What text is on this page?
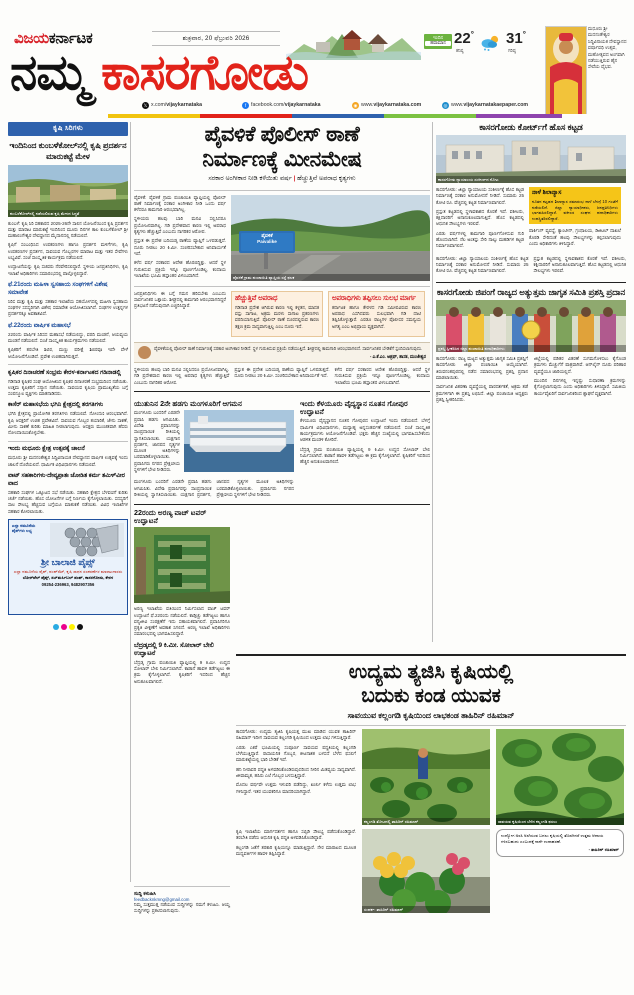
ವಿಜಯಕರ್ನಾಟಕ	ಶುಕ್ರವಾರ, 20 ಫೆಬ್ರುವರಿ 2026	ಇಂದಿನ
ಹವಾಮಾನ 22°
ಕನಿಷ್ಠ
31°
ಗರಿಷ್ಠ
ನಮ್ಮ ಕಾಸರಗೋಡು
ಮಧೂರು ಶ್ರೀ ಮದನಂತೇಶ್ವರ ಸಿದ್ಧಿವಿನಾಯಕ ದೇವಸ್ಥಾನದ ವರ್ಷಾವಧಿ ಉತ್ಸವ, ಮಹೋತ್ಸವದ ಅಂಗವಾಗಿ ನಡೆಯುತ್ತಿರುವ ಹೈನ ಸೇವೆಯ ವೈಭವ.
𝕏 x.com/vijaykarnataka	f facebook.com/vijaykarnataka	◉ www.vijaykarnataka.com	◎ www.vijaykarnatakaepaper.com
ಕೃಷಿ ಸಿರಿಗಳು
ಇಂದಿನಿಂದ ಕುಂಬಳೆಕೋಲ್‌ನಲ್ಲಿ ಕೃಷಿ ಪ್ರದರ್ಶನ ಮಾರುಕಟ್ಟೆ ಮೇಳ
ಕುಂಬಳೆಕೋಲ್‌ನಲ್ಲಿ ನಡೆಯಲಿರುವ ಕೃಷಿ ಮೇಳದ ಸಿದ್ಧತೆ

ಕುಂಬಳೆ: ಕೃಷಿ ಸಿರಿ ಸಹಕಾರದ 2025-26ನೇ ಸಾಲಿನ ಯೋಜನೆಯಿಂದ ಕೃಷಿ ಪ್ರದರ್ಶನ ಮತ್ತು ಮಾರಾಟ ಮಾರುಕಟ್ಟೆ ಇಂದಿನಿಂದ ಮೂರು ದಿನಗಳ ಕಾಲ ಕುಂಬಳೆಕೋಲ್ ಶ್ರೀ ಮಹಾಲಿಂಗೇಶ್ವರ ದೇವಸ್ಥಾನದ ಮೈದಾನದಲ್ಲಿ ನಡೆಯಲಿದೆ.

ಕೃಷಿಗೆ ಸಂಬಂಧಿಸಿದ ಉಪಕರಣಗಳು ಹಾಗೂ ಪ್ರದರ್ಶನ ಮಳಿಗೆಗಳು, ಕೃಷಿ ಉಪಕರಣಗಳ ಪ್ರದರ್ಶನ, ಸಾವಯವ ಗೊಬ್ಬರಗಳ ಮಾರಾಟ ಮತ್ತು ಇತರ ಸೇವೆಗಳು ಲಭ್ಯವಿವೆ. ಸಂಜೆ ಸಾಂಸ್ಕೃತಿಕ ಕಾರ್ಯಕ್ರಮ ನಡೆಯಲಿದೆ.

ಉದ್ಘಾಟನೆಯನ್ನು ಕೃಷಿ ಸಚಿವರು ನೆರವೇರಿಸಲಿದ್ದಾರೆ. ಸ್ಥಳೀಯ ಜನಪ್ರತಿನಿಧಿಗಳು, ಕೃಷಿ ಇಲಾಖೆ ಅಧಿಕಾರಿಗಳು ಸಮಾರಂಭದಲ್ಲಿ ಪಾಲ್ಗೊಳ್ಳಲಿದ್ದಾರೆ.

ಫೆ.21ರಂದು ಮಹಿಳಾ ಸ್ವಸಹಾಯ ಸಂಘಗಳಿಗೆ ವಿಶೇಷ ಸಮಾವೇಶ

ಸಿರಿಸ ಮತ್ತು ಕೃಷಿ ಮತ್ತು ಸಹಕಾರ ಇಲಾಖೆಯ ಸಹಯೋಗದಲ್ಲಿ ಮಹಿಳಾ ಸ್ವಸಹಾಯ ಸಂಘಗಳ ಸದಸ್ಯರಿಗಾಗಿ ವಿಶೇಷ ಸಮಾವೇಶ ಆಯೋಜಿಸಲಾಗಿದೆ. ಸಂಘಗಳ ಉತ್ಪನ್ನಗಳ ಪ್ರದರ್ಶನಕ್ಕೂ ಅವಕಾಶವಿದೆ.

ಫೆ.22ರಂದು ವಾರ್ಷಿಕ ಮಹಾಸಭೆ

22ರಂದು ವಾರ್ಷಿಕ ಸಿರಿಸದ ಮಹಾಸಭೆ ನಡೆಯಲಿದ್ದು, ವರದಿ ಮಂಡನೆ, ಆಯವ್ಯಯ ಮಂಡನೆ ನಡೆಯಲಿದೆ. ಸಂಜೆ ಸಾಂಸ್ಕೃತಿಕ ಕಾರ್ಯಕ್ರಮಗಳು ನಡೆಯಲಿವೆ.

ಕೃಷಿಕರಿಗೆ ತರಬೇತಿ ಶಿಬಿರ, ಮಣ್ಣು ಪರೀಕ್ಷೆ ಶಿಬಿರವೂ ಇದೇ ವೇಳೆ ಆಯೋಜನೆಗೊಂಡಿದೆ. ಪ್ರವೇಶ ಉಚಿತವಾಗಿರುತ್ತದೆ.

ಕೃಷಿಕರ ದಿನಾಚರಣೆ ಸಂಭ್ರಮ ಕೇರಳ-ಕರ್ನಾಟಕದ ಗಡಿನಾಡಲ್ಲಿ

ಗಡಿನಾಡ ಕೃಷಿಕರ ಸಂಘ ಆಯೋಜಿಸಿದ ಕೃಷಿಕರ ದಿನಾಚರಣೆ ಸಂಭ್ರಮದಿಂದ ನಡೆಯಿತು. ಉತ್ತಮ ಕೃಷಿಕರಿಗೆ ಸನ್ಮಾನ ನಡೆಯಿತು. ಸಾವಯವ ಕೃಷಿಯ ಪ್ರಾಮುಖ್ಯತೆಯ ಬಗ್ಗೆ ಸಂಪನ್ಮೂಲ ವ್ಯಕ್ತಿಗಳು ಮಾತನಾಡಿದರು.

ಕಾಸೆರ್ ಮಹಾಸಭೆಯ ಭಗಿನಿ ಕ್ಷೇತ್ರದಲ್ಲಿ ತರಗತಿಗಳು

ಭಗಿನಿ ಕ್ಷೇತ್ರದಲ್ಲಿ ಪ್ರಾಯೋಗಿಕ ತರಗತಿಗಳು ನಡೆಯಲಿವೆ. ನೋಂದಣಿ ಆರಂಭವಾಗಿದೆ. ಕೃಷಿ ಆಸಕ್ತರಿಗೆ ಉಚಿತ ಪ್ರವೇಶವಿದೆ. ಸಾವಯವ ಗೊಬ್ಬರ ತಯಾರಿಕೆ, ಜೇನು ಸಾಕಣೆ, ಮೀನು ಸಾಕಣೆ ಕುರಿತು ಮಾಹಿತಿ ನೀಡಲಾಗುವುದು. ಆಸಕ್ತರು ಮುಂಚಿತವಾಗಿ ಹೆಸರು ನೋಂದಾಯಿಸಿಕೊಳ್ಳಬೇಕು.

ಇಂದು ಮಧೂರು ಕ್ಷೇತ್ರ ಉತ್ಸವಕ್ಕೆ ಚಾಲನೆ

ಮಧೂರು ಶ್ರೀ ಮದನಂತೇಶ್ವರ ಸಿದ್ಧಿವಿನಾಯಕ ದೇವಸ್ಥಾನದ ವಾರ್ಷಿಕ ಉತ್ಸವಕ್ಕೆ ಇಂದು ಚಾಲನೆ ದೊರೆಯಲಿದೆ. ಧಾರ್ಮಿಕ ವಿಧಿವಿಧಾನಗಳು ನಡೆಯಲಿವೆ.

ವಾಟ್ ಸಹಕಾರಿಗಳು-ದೇವ್ಯಪ್ರಾತಃ ಜೋಡಿತ ಕರ್ಮ ತಮಿಳ್‌ವೀರ ವಾದ

ಸಹಕಾರಿ ಸಂಘಗಳ ಒಕ್ಕೂಟದ ಸಭೆ ನಡೆಯಿತು. ಸಹಕಾರಿ ಕ್ಷೇತ್ರದ ಬೆಳವಣಿಗೆ ಕುರಿತು ಚರ್ಚೆ ನಡೆಯಿತು. ಹೊಸ ಯೋಜನೆಗಳ ಬಗ್ಗೆ ನಿರ್ಣಯ ಕೈಗೊಳ್ಳಲಾಯಿತು. ಸದಸ್ಯರಿಗೆ ಸಾಲ ಸೌಲಭ್ಯ ಹೆಚ್ಚಿಸುವ ಬಗ್ಗೆಯೂ ಮಾತುಕತೆ ನಡೆಯಿತು. ವಿವಿಧ ಇಲಾಖೆಗಳ ಸಹಕಾರ ಕೋರಲಾಯಿತು.

ಎಲ್ಲಾ ನಮೂನೆಯ ಪೈಪ್‌ಗಳು ಲಭ್ಯ
ಶ್ರೀ ಬಾಲಾಜಿ ಪೈಪ್ಸ್
ಎಲ್ಲಾ ನಮೂನೆಯ ಪೈಪ್, ಪಂಪ್‌ಸೆಟ್, ಕೃಷಿ ಸಾಧನ ಸಲಕರಣೆಗಳ ಮಾರಾಟಗಾರರು
ಬೋರ್‌ವೆಲ್ ಪೈಪ್ಸ್, ಸಬ್‌ಮರ್ಸಿಬಲ್ ಪಂಪ್, ಕಾಸರಗೋಡು, ಕೇರಳ
09254-236963, 9482907356
ಪೈವಳಿಕೆ ಪೊಲೀಸ್ ಠಾಣೆ
ನಿರ್ಮಾಣಕ್ಕೆ ಮೀನಮೇಷ
ಸರಕಾರ ಅಂಗೀಕಾರ ನೀಡಿ ಕಳೆಯಿತು ವರ್ಷ | ಹೆಚ್ಚುತ್ತಿವೆ ಅಪರಾಧ ಕೃತ್ಯಗಳು

ಪೈವಳಿಕೆ: ಪೈವಳಿಕೆ ಗ್ರಾಮ ಪಂಚಾಯಿತಿ ವ್ಯಾಪ್ತಿಯಲ್ಲಿ ಪೊಲೀಸ್ ಠಾಣೆ ನಿರ್ಮಾಣಕ್ಕೆ ಸರಕಾರ ಅಂಗೀಕಾರ ನೀಡಿ ಒಂದು ವರ್ಷ ಕಳೆದರೂ ಕಾಮಗಾರಿ ಆರಂಭವಾಗಿಲ್ಲ.

ಸ್ಥಳೀಯರು ಹಲವು ಬಾರಿ ಮನವಿ ಸಲ್ಲಿಸಿದರೂ ಪ್ರಯೋಜನವಾಗಿಲ್ಲ. ಗಡಿ ಪ್ರದೇಶವಾದ ಕಾರಣ ಇಲ್ಲಿ ಅಪರಾಧ ಕೃತ್ಯಗಳು ಹೆಚ್ಚುತ್ತಿವೆ ಎಂಬುದು ನಾಗರಿಕರ ಆರೋಪ.

ಪ್ರಸ್ತುತ ಈ ಪ್ರದೇಶ ಬದಿಯಡ್ಕ ಠಾಣೆಯ ವ್ಯಾಪ್ತಿಗೆ ಒಳಪಡುತ್ತದೆ. ದೂರು ನೀಡಲು 20 ಕಿ.ಮೀ. ಸಂಚರಿಸಬೇಕಾದ ಅನಿವಾರ್ಯತೆ ಇದೆ.

ಕಳೆದ ವರ್ಷ ಸರಕಾರದ ಆದೇಶ ಹೊರಬಿದ್ದಿತ್ತು. ಆದರೆ ಸ್ಥಳ ಗುರುತಿಸುವ ಪ್ರಕ್ರಿಯೆ ಇನ್ನೂ ಪೂರ್ಣಗೊಂಡಿಲ್ಲ. ಕಂದಾಯ ಇಲಾಖೆಯ ಭೂಮಿ ಹಸ್ತಾಂತರ ವಿಳಂಬವಾಗಿದೆ.

ಪೈವಳಿಕೆ
Paivalike
ಪೈವಳಿಕೆ ಗ್ರಾಮ ಪಂಚಾಯಿತಿ ವ್ಯಾಪ್ತಿಯ ರಸ್ತೆ ಫಲಕ

ಜನಪ್ರತಿನಿಧಿಗಳು ಈ ಬಗ್ಗೆ ಗಮನ ಹರಿಸಬೇಕು ಎಂಬುದು ಸಾರ್ವಜನಿಕರ ಒತ್ತಾಯ. ಶೀಘ್ರದಲ್ಲಿ ಕಾಮಗಾರಿ ಆರಂಭವಾಗದಿದ್ದರೆ ಪ್ರತಿಭಟನೆ ನಡೆಸುವುದಾಗಿ ಎಚ್ಚರಿಸಿದ್ದಾರೆ.

ಹೆಚ್ಚುತ್ತಿವೆ ಅಪರಾಧ

ಗಡಿನಾಡ ಪ್ರದೇಶ ಆಗಿರುವ ಕಾರಣ ಇಲ್ಲಿ ಕಳ್ಳತನ, ಮಾದಕ ವಸ್ತು ಸಾಗಾಟ, ಅಕ್ರಮ ಮರಳು ಸಾಗಾಟ ಪ್ರಕರಣಗಳು ವರದಿಯಾಗುತ್ತಿವೆ. ಪೊಲೀಸ್ ಠಾಣೆ ದೂರದಲ್ಲಿರುವ ಕಾರಣ ತಕ್ಷಣ ಕ್ರಮ ಸಾಧ್ಯವಾಗುತ್ತಿಲ್ಲ ಎಂಬ ದೂರು ಇದೆ.

ಅಪರಾಧಿಗಳು ತಪ್ಪಿಸಲು ಸುಲಭ ಮಾರ್ಗ

ಕರ್ನಾಟಕ ಹಾಗೂ ಕೇರಳದ ಗಡಿ ಸಮೀಪವಿರುವ ಕಾರಣ ಅಪರಾಧ ಎಸಗಿದವರು ಸುಲಭವಾಗಿ ಗಡಿ ದಾಟಿ ತಪ್ಪಿಸಿಕೊಳ್ಳುತ್ತಾರೆ. ಎರಡೂ ರಾಜ್ಯಗಳ ಪೊಲೀಸರ ಸಮನ್ವಯ ಅಗತ್ಯ ಎಂಬ ಅಭಿಪ್ರಾಯ ವ್ಯಕ್ತವಾಗಿದೆ.

ಪೈವಳಿಕೆಯಲ್ಲಿ ಪೊಲೀಸ್ ಠಾಣೆ ನಿರ್ಮಾಣಕ್ಕೆ ಸರಕಾರ ಅಂಗೀಕಾರ ನೀಡಿದೆ. ಸ್ಥಳ ಗುರುತಿಸುವ ಪ್ರಕ್ರಿಯೆ ನಡೆಯುತ್ತಿದೆ. ಶೀಘ್ರದಲ್ಲಿ ಕಾಮಗಾರಿ ಆರಂಭವಾಗಲಿದೆ. ಸಾರ್ವಜನಿಕರ ಬೇಡಿಕೆಗೆ ಸ್ಪಂದಿಸಲಾಗುವುದು.
- ಎ.ಕೆ.ಎಂ. ಅಶ್ರಫ್, ಶಾಸಕ, ಮಂಜೇಶ್ವರ

ಸ್ಥಳೀಯರು ಹಲವು ಬಾರಿ ಮನವಿ ಸಲ್ಲಿಸಿದರೂ ಪ್ರಯೋಜನವಾಗಿಲ್ಲ. ಗಡಿ ಪ್ರದೇಶವಾದ ಕಾರಣ ಇಲ್ಲಿ ಅಪರಾಧ ಕೃತ್ಯಗಳು ಹೆಚ್ಚುತ್ತಿವೆ ಎಂಬುದು ನಾಗರಿಕರ ಆರೋಪ.

ಪ್ರಸ್ತುತ ಈ ಪ್ರದೇಶ ಬದಿಯಡ್ಕ ಠಾಣೆಯ ವ್ಯಾಪ್ತಿಗೆ ಒಳಪಡುತ್ತದೆ. ದೂರು ನೀಡಲು 20 ಕಿ.ಮೀ. ಸಂಚರಿಸಬೇಕಾದ ಅನಿವಾರ್ಯತೆ ಇದೆ.

ಕಳೆದ ವರ್ಷ ಸರಕಾರದ ಆದೇಶ ಹೊರಬಿದ್ದಿತ್ತು. ಆದರೆ ಸ್ಥಳ ಗುರುತಿಸುವ ಪ್ರಕ್ರಿಯೆ ಇನ್ನೂ ಪೂರ್ಣಗೊಂಡಿಲ್ಲ. ಕಂದಾಯ ಇಲಾಖೆಯ ಭೂಮಿ ಹಸ್ತಾಂತರ ವಿಳಂಬವಾಗಿದೆ.

ಯುತುನಿನ 2ನೇ ಹಡಗು ಮಂಗಳೂರಿಗೆ ಆಗಮನ

ಮಂಗಳೂರು ಬಂದರಿಗೆ ಎರಡನೇ ಪ್ರವಾಸಿ ಹಡಗು ಆಗಮಿಸಿತು. ವಿದೇಶಿ ಪ್ರವಾಸಿಗರನ್ನು ಸಾಂಪ್ರದಾಯಿಕ ರೀತಿಯಲ್ಲಿ ಸ್ವಾಗತಿಸಲಾಯಿತು. ಯಕ್ಷಗಾನ ಪ್ರದರ್ಶನ, ಜಾನಪದ ನೃತ್ಯಗಳ ಮೂಲಕ ಅತಿಥಿಗಳನ್ನು ಬರಮಾಡಿಕೊಳ್ಳಲಾಯಿತು. ಪ್ರವಾಸಿಗರು ನಗರದ ಪ್ರೇಕ್ಷಣೀಯ ಸ್ಥಳಗಳಿಗೆ ಭೇಟಿ ನೀಡಿದರು.

ಮಂಗಳೂರು ಬಂದರಿಗೆ ಎರಡನೇ ಪ್ರವಾಸಿ ಹಡಗು ಆಗಮಿಸಿತು. ವಿದೇಶಿ ಪ್ರವಾಸಿಗರನ್ನು ಸಾಂಪ್ರದಾಯಿಕ ರೀತಿಯಲ್ಲಿ ಸ್ವಾಗತಿಸಲಾಯಿತು. ಯಕ್ಷಗಾನ ಪ್ರದರ್ಶನ, ಜಾನಪದ ನೃತ್ಯಗಳ ಮೂಲಕ ಅತಿಥಿಗಳನ್ನು ಬರಮಾಡಿಕೊಳ್ಳಲಾಯಿತು. ಪ್ರವಾಸಿಗರು ನಗರದ ಪ್ರೇಕ್ಷಣೀಯ ಸ್ಥಳಗಳಿಗೆ ಭೇಟಿ ನೀಡಿದರು.

ಇಂದು ಕೆಳಯೂರು ವೈದ್ಯಸ್ಥಾನ ನೂತನ ಗೋಪುರ ಉದ್ಘಾಟನೆ

ಕೆಳಯೂರು ವೈದ್ಯಸ್ಥಾನದ ನೂತನ ಗೋಪುರದ ಉದ್ಘಾಟನೆ ಇಂದು ನಡೆಯಲಿದೆ. ಬೆಳಗ್ಗೆ ಧಾರ್ಮಿಕ ವಿಧಿವಿಧಾನಗಳು, ಮಧ್ಯಾಹ್ನ ಅನ್ನಸಂತರ್ಪಣೆ ನಡೆಯಲಿದೆ. ಸಂಜೆ ಸಾಂಸ್ಕೃತಿಕ ಕಾರ್ಯಕ್ರಮಗಳು ಆಯೋಜನೆಗೊಂಡಿವೆ. ಭಕ್ತರು ಹೆಚ್ಚಿನ ಸಂಖ್ಯೆಯಲ್ಲಿ ಭಾಗವಹಿಸಬೇಕೆಂದು ಆಡಳಿತ ಮಂಡಳಿ ಕೋರಿದೆ.

ಬೆದ್ರಡ್ಕ ಗ್ರಾಮ ಪಂಚಾಯಿತಿ ವ್ಯಾಪ್ತಿಯಲ್ಲಿ 9 ಕಿ.ಮೀ. ಉದ್ದದ ಸೋಲಾರ್ ಬೇಲಿ ನಿರ್ಮಿಸಲಾಗಿದೆ. ಕಾಡಾನೆ ಹಾವಳಿ ತಡೆಗಟ್ಟಲು ಈ ಕ್ರಮ ಕೈಗೊಳ್ಳಲಾಗಿದೆ. ಕೃಷಿಕರಿಗೆ ಇದರಿಂದ ಹೆಚ್ಚಿನ ಅನುಕೂಲವಾಗಲಿದೆ.

22ರಂದು ಅರಣ್ಯ ವಾಚ್ ಟವರ್ ಉದ್ಘಾಟನೆ

ಅರಣ್ಯ ಇಲಾಖೆಯ ವತಿಯಿಂದ ನಿರ್ಮಿಸಲಾದ ವಾಚ್ ಟವರ್ ಉದ್ಘಾಟನೆ ಫೆ.22ರಂದು ನಡೆಯಲಿದೆ. ಕಾಡ್ಗಿಚ್ಚು ತಡೆಗಟ್ಟಲು ಹಾಗೂ ವನ್ಯಜೀವಿ ಸಂರಕ್ಷಣೆಗೆ ಇದು ಸಹಾಯಕವಾಗಲಿದೆ. ಪ್ರವಾಸಿಗರಿಗೂ ಪ್ರಕೃತಿ ವೀಕ್ಷಣೆಗೆ ಅವಕಾಶ ಸಿಗಲಿದೆ. ಅರಣ್ಯ ಇಲಾಖೆ ಅಧಿಕಾರಿಗಳು ಸಮಾರಂಭದಲ್ಲಿ ಭಾಗವಹಿಸಲಿದ್ದಾರೆ.

ಬೆದ್ರಡ್ಕದಲ್ಲಿ 9 ಕಿ.ಮೀ. ಸೋಲಾರ್ ಬೇಲಿ ಉದ್ಘಾಟನೆ

ಬೆದ್ರಡ್ಕ ಗ್ರಾಮ ಪಂಚಾಯಿತಿ ವ್ಯಾಪ್ತಿಯಲ್ಲಿ 9 ಕಿ.ಮೀ. ಉದ್ದದ ಸೋಲಾರ್ ಬೇಲಿ ನಿರ್ಮಿಸಲಾಗಿದೆ. ಕಾಡಾನೆ ಹಾವಳಿ ತಡೆಗಟ್ಟಲು ಈ ಕ್ರಮ ಕೈಗೊಳ್ಳಲಾಗಿದೆ. ಕೃಷಿಕರಿಗೆ ಇದರಿಂದ ಹೆಚ್ಚಿನ ಅನುಕೂಲವಾಗಲಿದೆ.

ಕಾಸರಗೋಡು ಕೋರ್ಟ್‌ಗೆ ಹೊಸ ಕಟ್ಟಡ
ಕಾಸರಗೋಡು ನ್ಯಾಯಾಲಯ ಸಂಕೀರ್ಣದ ನೋಟ

ಕಾಸರಗೋಡು: ಜಿಲ್ಲಾ ನ್ಯಾಯಾಲಯ ಸಂಕೀರ್ಣಕ್ಕೆ ಹೊಸ ಕಟ್ಟಡ ನಿರ್ಮಾಣಕ್ಕೆ ಸರಕಾರ ಅನುಮೋದನೆ ನೀಡಿದೆ. ಸುಮಾರು 25 ಕೋಟಿ ರೂ. ವೆಚ್ಚದಲ್ಲಿ ಕಟ್ಟಡ ನಿರ್ಮಾಣವಾಗಲಿದೆ.

ಪ್ರಸ್ತುತ ಕಟ್ಟಡದಲ್ಲಿ ಸ್ಥಳಾವಕಾಶದ ಕೊರತೆ ಇದೆ. ವಕೀಲರು, ಕಕ್ಷಿದಾರರಿಗೆ ಅನಾನುಕೂಲವಾಗುತ್ತಿದೆ. ಹೊಸ ಕಟ್ಟಡದಲ್ಲಿ ಆಧುನಿಕ ಸೌಲಭ್ಯಗಳು ಇರಲಿವೆ.

ಎರಡು ವರ್ಷಗಳಲ್ಲಿ ಕಾಮಗಾರಿ ಪೂರ್ಣಗೊಳಿಸುವ ಗುರಿ ಹೊಂದಲಾಗಿದೆ. ನೆಲ ಅಂತಸ್ತು ಸೇರಿ ನಾಲ್ಕು ಮಹಡಿಗಳ ಕಟ್ಟಡ ನಿರ್ಮಾಣವಾಗಲಿದೆ.

ನಾಳೆ ಶಿಲಾನ್ಯಾಸ
ನೂತನ ಕಟ್ಟಡದ ಶಿಲಾನ್ಯಾಸ ಸಮಾರಂಭ ನಾಳೆ ಬೆಳಗ್ಗೆ 10 ಗಂಟೆಗೆ ನಡೆಯಲಿದೆ. ಜಿಲ್ಲಾ ನ್ಯಾಯಾಧೀಶರು, ಜನಪ್ರತಿನಿಧಿಗಳು ಭಾಗವಹಿಸಲಿದ್ದಾರೆ. ವಕೀಲರ ಸಂಘದ ಪದಾಧಿಕಾರಿಗಳು ಉಪಸ್ಥಿತರಿರಲಿದ್ದಾರೆ.

ಪಾರ್ಕಿಂಗ್ ವ್ಯವಸ್ಥೆ, ಕ್ಯಾಂಟೀನ್, ಗ್ರಂಥಾಲಯ, ಡಿಜಿಟಲ್ ದಾಖಲೆ ಕೊಠಡಿ ಸೇರಿದಂತೆ ಹಲವು ಸೌಲಭ್ಯಗಳನ್ನು ಕಲ್ಪಿಸಲಾಗುವುದು ಎಂದು ಅಧಿಕಾರಿಗಳು ತಿಳಿಸಿದ್ದಾರೆ.

ಕಾಸರಗೋಡು: ಜಿಲ್ಲಾ ನ್ಯಾಯಾಲಯ ಸಂಕೀರ್ಣಕ್ಕೆ ಹೊಸ ಕಟ್ಟಡ ನಿರ್ಮಾಣಕ್ಕೆ ಸರಕಾರ ಅನುಮೋದನೆ ನೀಡಿದೆ. ಸುಮಾರು 25 ಕೋಟಿ ರೂ. ವೆಚ್ಚದಲ್ಲಿ ಕಟ್ಟಡ ನಿರ್ಮಾಣವಾಗಲಿದೆ.

ಪ್ರಸ್ತುತ ಕಟ್ಟಡದಲ್ಲಿ ಸ್ಥಳಾವಕಾಶದ ಕೊರತೆ ಇದೆ. ವಕೀಲರು, ಕಕ್ಷಿದಾರರಿಗೆ ಅನಾನುಕೂಲವಾಗುತ್ತಿದೆ. ಹೊಸ ಕಟ್ಟಡದಲ್ಲಿ ಆಧುನಿಕ ಸೌಲಭ್ಯಗಳು ಇರಲಿವೆ.

ಕಾಸರಗೋಡು ಜಿಪಂಗೆ ರಾಜ್ಯದ ಅತ್ಯುತ್ತಮ ಜಾಗೃತ ಸಮಿತಿ ಪ್ರಶಸ್ತಿ ಪ್ರದಾನ
ಪ್ರಶಸ್ತಿ ಸ್ವೀಕರಿಸಿದ ಜಿಲ್ಲಾ ಪಂಚಾಯಿತಿ ಪದಾಧಿಕಾರಿಗಳು

ಕಾಸರಗೋಡು: ರಾಜ್ಯ ಮಟ್ಟದ ಅತ್ಯುತ್ತಮ ಜಾಗೃತ ಸಮಿತಿ ಪ್ರಶಸ್ತಿಗೆ ಕಾಸರಗೋಡು ಜಿಲ್ಲಾ ಪಂಚಾಯಿತಿ ಆಯ್ಕೆಯಾಗಿದೆ. ತಿರುವನಂತಪುರದಲ್ಲಿ ನಡೆದ ಸಮಾರಂಭದಲ್ಲಿ ಪ್ರಶಸ್ತಿ ಪ್ರದಾನ ಮಾಡಲಾಯಿತು.

ಸಾರ್ವಜನಿಕ ವಿತರಣಾ ವ್ಯವಸ್ಥೆಯಲ್ಲಿ ಪಾರದರ್ಶಕತೆ, ಅಕ್ರಮ ತಡೆ ಕ್ರಮಗಳಿಗಾಗಿ ಈ ಪ್ರಶಸ್ತಿ ಲಭಿಸಿದೆ. ಜಿಲ್ಲಾ ಪಂಚಾಯಿತಿ ಅಧ್ಯಕ್ಷರು ಪ್ರಶಸ್ತಿ ಸ್ವೀಕರಿಸಿದರು.

ಜಿಲ್ಲೆಯಲ್ಲಿ ಪಡಿತರ ವಿತರಣೆ ಸುಗಮಗೊಳಿಸಲು ಕೈಗೊಂಡ ಕ್ರಮಗಳು ಮೆಚ್ಚುಗೆಗೆ ಪಾತ್ರವಾಗಿವೆ. ಆನ್‌ಲೈನ್ ದೂರು ಪರಿಹಾರ ವ್ಯವಸ್ಥೆಯೂ ಜಾರಿಯಲ್ಲಿದೆ.

ಮುಂದಿನ ದಿನಗಳಲ್ಲಿ ಇನ್ನಷ್ಟು ಸುಧಾರಣಾ ಕ್ರಮಗಳನ್ನು ಕೈಗೊಳ್ಳಲಾಗುವುದು ಎಂದು ಅಧಿಕಾರಿಗಳು ತಿಳಿಸಿದ್ದಾರೆ. ಸಮಿತಿಯ ಕಾರ್ಯವೈಖರಿಗೆ ಸಾರ್ವಜನಿಕರಿಂದ ಶ್ಲಾಘನೆ ವ್ಯಕ್ತವಾಗಿದೆ.

ಉದ್ಯಮ ತ್ಯಜಿಸಿ ಕೃಷಿಯಲ್ಲಿ
ಬದುಕು ಕಂಡ ಯುವಕ
ಸಾವಯುವ ಕಲ್ಲಂಗಡಿ ಕೃಷಿಯಿಂದ ಲಾಭಕಂಡ ತಾಹಿರಿನ್ ರಹಿಮಾನ್

ಕಾಸರಗೋಡು: ಉದ್ಯಮ ತ್ಯಜಿಸಿ ಕೃಷಿಯತ್ತ ಮುಖ ಮಾಡಿದ ಯುವಕ ತಾಹಿರಿನ್ ರಹಿಮಾನ್ ಇದೀಗ ಸಾವಯವ ಕಲ್ಲಂಗಡಿ ಕೃಷಿಯಿಂದ ಉತ್ತಮ ಲಾಭ ಗಳಿಸುತ್ತಿದ್ದಾರೆ.

ಎರಡು ಎಕರೆ ಭೂಮಿಯಲ್ಲಿ ಸಂಪೂರ್ಣ ಸಾವಯವ ಪದ್ಧತಿಯಲ್ಲಿ ಕಲ್ಲಂಗಡಿ ಬೆಳೆಯುತ್ತಿದ್ದಾರೆ. ರಾಸಾಯನಿಕ ಗೊಬ್ಬರ, ಕೀಟನಾಶಕ ಬಳಸದೆ ಬೆಳೆದ ಫಸಲಿಗೆ ಮಾರುಕಟ್ಟೆಯಲ್ಲಿ ಭಾರಿ ಬೇಡಿಕೆ ಇದೆ.

ಹನಿ ನೀರಾವರಿ ಪದ್ಧತಿ ಅಳವಡಿಸಿಕೊಂಡಿರುವುದರಿಂದ ನೀರಿನ ಮಿತವ್ಯಯ ಸಾಧ್ಯವಾಗಿದೆ. ಜೀವಾಮೃತ, ಹಸಿರು ಎಲೆ ಗೊಬ್ಬರ ಬಳಸುತ್ತಿದ್ದಾರೆ.

ಮೊದಲ ವರ್ಷವೇ ಉತ್ತಮ ಇಳುವರಿ ಪಡೆದಿದ್ದು, ಖರ್ಚು ಕಳೆದು ಉತ್ತಮ ಲಾಭ ಗಳಿಸಿದ್ದಾರೆ. ಇತರ ಯುವಕರಿಗೂ ಮಾದರಿಯಾಗಿದ್ದಾರೆ.

ಕಲ್ಲಂಗಡಿ ತೋಟದಲ್ಲಿ ತಾಹಿರಿನ್ ರಹಿಮಾನ್	ಸಾವಯವ ಕೃಷಿಯಿಂದ ಬೆಳೆದ ಕಲ್ಲಂಗಡಿ ಫಸಲು

ಕೃಷಿ ಇಲಾಖೆಯ ಮಾರ್ಗದರ್ಶನ ಹಾಗೂ ಸಬ್ಸಿಡಿ ಸೌಲಭ್ಯ ಪಡೆದುಕೊಂಡಿದ್ದಾರೆ. ತರಬೇತಿ ಪಡೆದು ಆಧುನಿಕ ಕೃಷಿ ಪದ್ಧತಿ ಅಳವಡಿಸಿಕೊಂಡಿದ್ದಾರೆ.

ಕಲ್ಲಂಗಡಿ ಜತೆಗೆ ತರಕಾರಿ ಕೃಷಿಯನ್ನೂ ಮಾಡುತ್ತಿದ್ದಾರೆ. ನೇರ ಮಾರಾಟದ ಮೂಲಕ ಮಧ್ಯವರ್ತಿಗಳ ಹಾವಳಿ ತಪ್ಪಿಸಿದ್ದಾರೆ.

ಸಂಪರ್ಕ: ತಾಹಿರಿನ್ ರಹಿಮಾನ್
ಉದ್ಯೋಗ ಅರಸಿ ಅಲೆಯುವ ಬದಲು ಕೃಷಿಯಲ್ಲಿ ತೊಡಗಿದರೆ ಉತ್ತಮ ಆದಾಯ ಗಳಿಸಬಹುದು ಎಂಬುದಕ್ಕೆ ನಾನೇ ಉದಾಹರಣೆ.
- ತಾಹಿರಿನ್ ರಹಿಮಾನ್

ಸುದ್ದಿ ಕಳುಹಿಸಿ
feedbacknkmng@gmail.com

ನಿಮ್ಮ ಸುತ್ತಮುತ್ತ ನಡೆಯುವ ಸುದ್ದಿಗಳನ್ನು ನಮಗೆ ಕಳುಹಿಸಿ. ಆಯ್ದ ಸುದ್ದಿಗಳನ್ನು ಪ್ರಕಟಿಸಲಾಗುವುದು.
